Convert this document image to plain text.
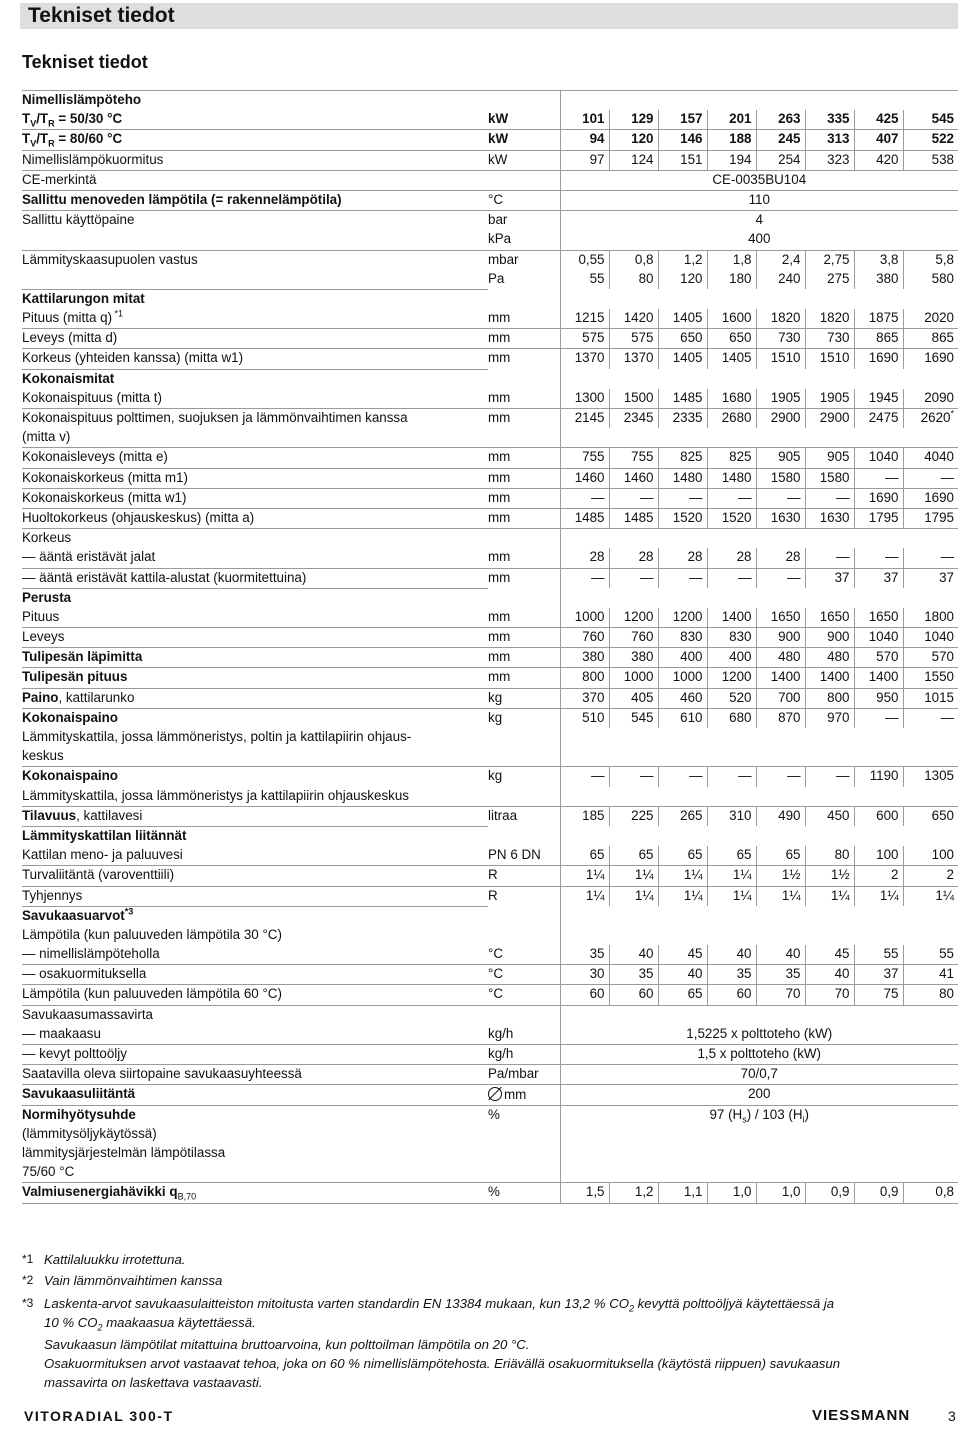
Tekniset tiedot
Tekniset tiedot
Nimellislämpöteho									
$T_V/T_R = 50/30$ °C	kW	101	129	157	201	263	335	425	545
$T_V/T_R = 80/60$ °C	kW	94	120	146	188	245	313	407	522
Nimellislämpökuormitus	kW	97	124	151	194	254	323	420	538
CE-merkintä		CE-0035BU104							
Sallittu menoveden lämpötila (= rakennelämpötila)	°C	110							
Sallittu käyttöpaine	bar	4							
	kPa	400							
Lämmityskaasupuolen vastus	mbar	0,55	0,8	1,2	1,8	2,4	2,75	3,8	5,8
	Pa	55	80	120	180	240	275	380	580
Kattilarungon mitat									
Pituus (mitta q) $^{*1}$	mm	1215	1420	1405	1600	1820	1820	1875	2020
Leveys (mitta d)	mm	575	575	650	650	730	730	865	865
Korkeus (yhteiden kanssa) (mitta w1)	mm	1370	1370	1405	1405	1510	1510	1690	1690
Kokonaismitat									
Kokonaispituus (mitta t)	mm	1300	1500	1485	1680	1905	1905	1945	2090
Kokonaispituus polttimen, suojuksen ja lämmönvaihtimen kanssa	mm	2145	2345	2335	2680	2900	2900	2475	2620*
(mitta v)									
Kokonaisleveys (mitta e)	mm	755	755	825	825	905	905	1040	4040
Kokonaiskorkeus (mitta m1)	mm	1460	1460	1480	1480	1580	1580	—	—
Kokonaiskorkeus (mitta w1)	mm	—	—	—	—	—	—	1690	1690
Huoltokorkeus (ohjauskeskus) (mitta a)	mm	1485	1485	1520	1520	1630	1630	1795	1795
Korkeus									
— ääntä eristävät jalat	mm	28	28	28	28	28	—	—	—
— ääntä eristävät kattila-alustat (kuormitettuina)	mm	—	—	—	—	—	37	37	37
Perusta									
Pituus	mm	1000	1200	1200	1400	1650	1650	1650	1800
Leveys	mm	760	760	830	830	900	900	1040	1040
Tulipesän läpimitta	mm	380	380	400	400	480	480	570	570
Tulipesän pituus	mm	800	1000	1000	1200	1400	1400	1400	1550
Paino, kattilarunko	kg	370	405	460	520	700	800	950	1015
Kokonaispaino	kg	510	545	610	680	870	970	—	—
Lämmityskattila, jossa lämmöneristys, poltin ja kattilapiirin ohjaus-									
keskus									
Kokonaispaino	kg	—	—	—	—	—	—	1190	1305
Lämmityskattila, jossa lämmöneristys ja kattilapiirin ohjauskeskus									
Tilavuus, kattilavesi	litraa	185	225	265	310	490	450	600	650
Lämmityskattilan liitännät									
Kattilan meno- ja paluuvesi	PN 6 DN	65	65	65	65	65	80	100	100
Turvaliitäntä (varoventtiili)	R	1¼	1¼	1¼	1¼	1½	1½	2	2
Tyhjennys	R	1¼	1¼	1¼	1¼	1¼	1¼	1¼	1¼
Savukaasuarvot$^{*3}$		
Lämpötila (kun paluuveden lämpötila 30 °C)									
— nimellislämpöteholla	°C	35	40	45	40	40	45	55	55
— osakuormituksella	°C	30	35	40	35	35	40	37	41
Lämpötila (kun paluuveden lämpötila 60 °C)	°C	60	60	65	60	70	70	75	80
Savukaasumassavirta									
— maakaasu	kg/h	1,5225 x polttoteho (kW)							
— kevyt polttoöljy	kg/h	1,5 x polttoteho (kW)							
Saatavilla oleva siirtopaine savukaasuyhteessä	Pa/mbar	70/0,7							
Savukaasuliitäntä	mm	200							
Normihyötysuhde	%	97 $(H_s) / 103$ $(H_i)$							
(lämmitysöljykäytössä)									
lämmitysjärjestelmän lämpötilassa									
75/60 °C									
Valmiusenergiahävikki $q_{B,70}$	%	1,5	1,2	1,1	1,0	1,0	0,9	0,9	0,8
*1 Kattilaluukku irrotettuna.
*2 Vain lämmönvaihtimen kanssa
*3 Laskenta-arvot savukaasulaitteiston mitoitusta varten standardin EN 13384 mukaan, kun 13,2 % $CO_2$ kevyttä polttoöljyä käytettäessä ja
10 % $CO_2$ maakaasua käytettäessä.
Savukaasun lämpötilat mitattuina bruttoarvoina, kun polttoilman lämpötila on 20 °C.
Osakuormituksen arvot vastaavat tehoa, joka on 60 % nimellislämpötehosta. Eriävällä osakuormituksella (käytöstä riippuen) savukaasun
massavirta on laskettava vastaavasti.
VITORADIAL 300-T	VIESSMANN	3
